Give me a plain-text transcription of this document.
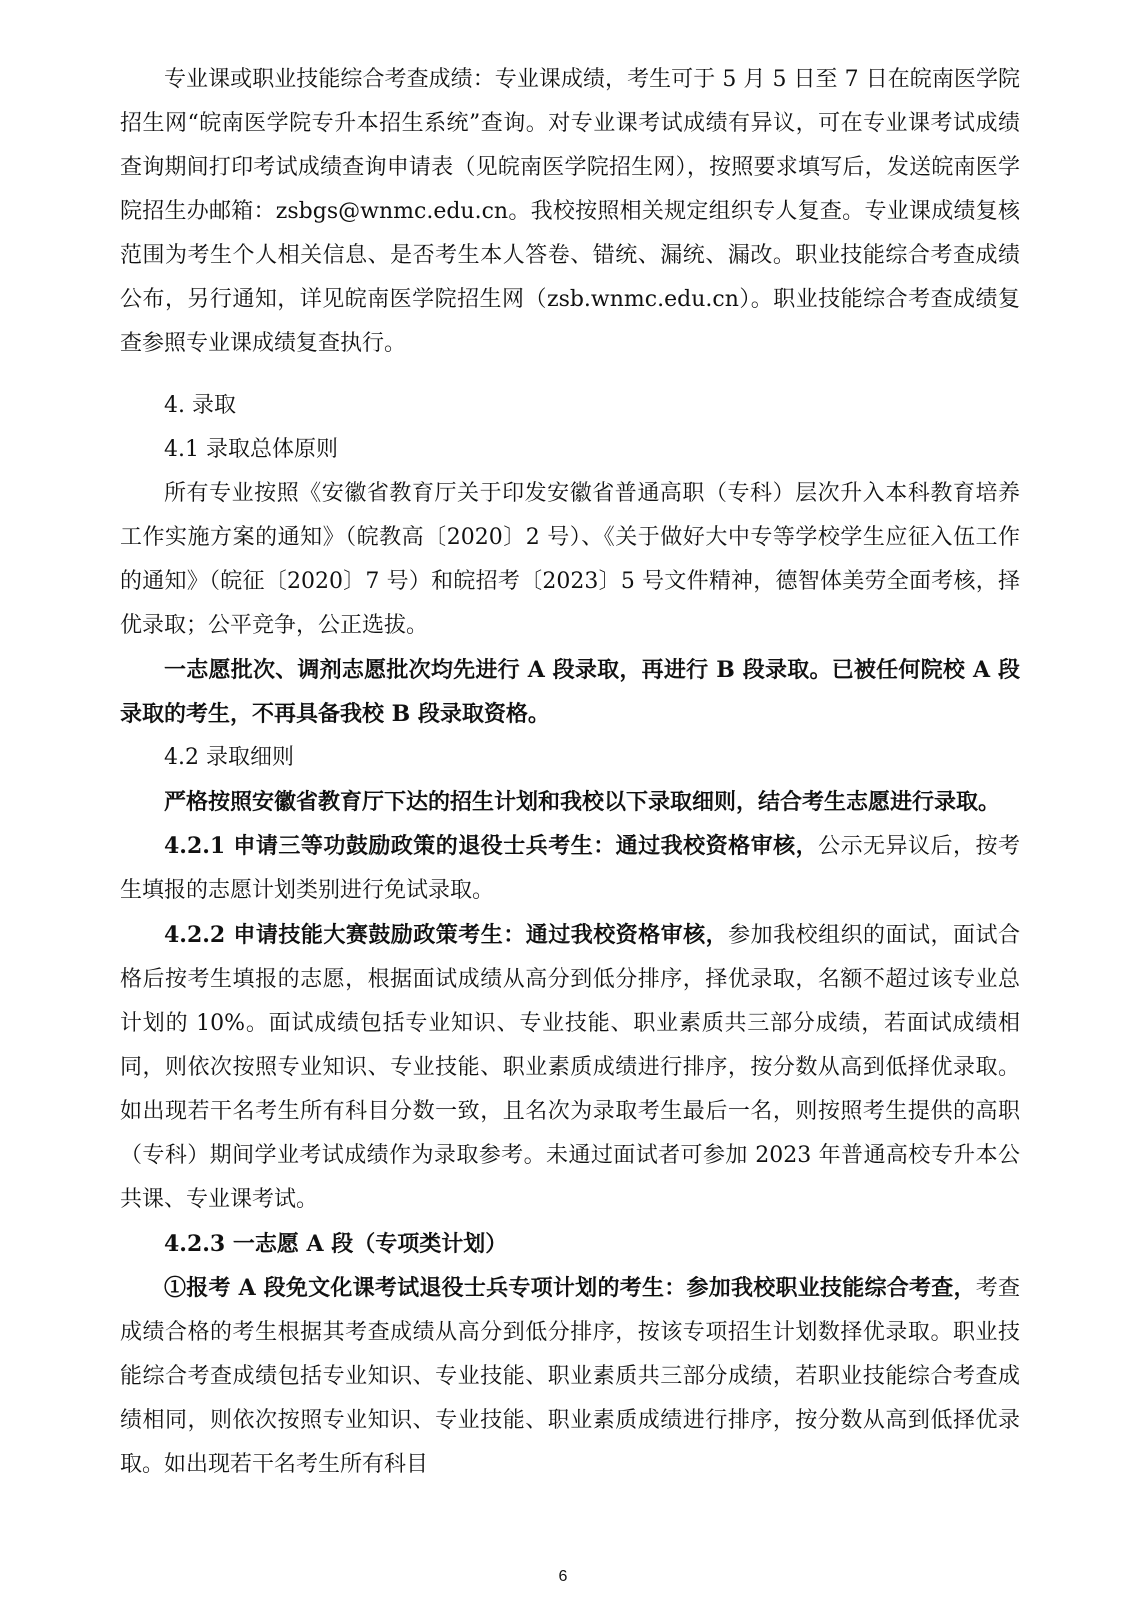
专业课或职业技能综合考查成绩：专业课成绩，考生可于 5 月 5 日至 7 日在皖南医学院招生网“皖南医学院专升本招生系统”查询。对专业课考试成绩有异议，可在专业课考试成绩查询期间打印考试成绩查询申请表（见皖南医学院招生网），按照要求填写后，发送皖南医学院招生办邮箱：zsbgs@wnmc.edu.cn。我校按照相关规定组织专人复查。专业课成绩复核范围为考生个人相关信息、是否考生本人答卷、错统、漏统、漏改。职业技能综合考查成绩公布，另行通知，详见皖南医学院招生网（zsb.wnmc.edu.cn）。职业技能综合考查成绩复查参照专业课成绩复查执行。

4. 录取

4.1 录取总体原则

所有专业按照《安徽省教育厅关于印发安徽省普通高职（专科）层次升入本科教育培养工作实施方案的通知》（皖教高〔2020〕2 号）、《关于做好大中专等学校学生应征入伍工作的通知》（皖征〔2020〕7 号）和皖招考〔2023〕5 号文件精神，德智体美劳全面考核，择优录取；公平竞争，公正选拔。

一志愿批次、调剂志愿批次均先进行 A 段录取，再进行 B 段录取。已被任何院校 A 段录取的考生，不再具备我校 B 段录取资格。

4.2 录取细则

严格按照安徽省教育厅下达的招生计划和我校以下录取细则，结合考生志愿进行录取。

4.2.1 申请三等功鼓励政策的退役士兵考生：通过我校资格审核，公示无异议后，按考生填报的志愿计划类别进行免试录取。

4.2.2 申请技能大赛鼓励政策考生：通过我校资格审核，参加我校组织的面试，面试合格后按考生填报的志愿，根据面试成绩从高分到低分排序，择优录取，名额不超过该专业总计划的 10%。面试成绩包括专业知识、专业技能、职业素质共三部分成绩，若面试成绩相同，则依次按照专业知识、专业技能、职业素质成绩进行排序，按分数从高到低择优录取。如出现若干名考生所有科目分数一致，且名次为录取考生最后一名，则按照考生提供的高职（专科）期间学业考试成绩作为录取参考。未通过面试者可参加 2023 年普通高校专升本公共课、专业课考试。

4.2.3 一志愿 A 段（专项类计划）

①报考 A 段免文化课考试退役士兵专项计划的考生：参加我校职业技能综合考查，考查成绩合格的考生根据其考查成绩从高分到低分排序，按该专项招生计划数择优录取。职业技能综合考查成绩包括专业知识、专业技能、职业素质共三部分成绩，若职业技能综合考查成绩相同，则依次按照专业知识、专业技能、职业素质成绩进行排序，按分数从高到低择优录取。如出现若干名考生所有科目

6
